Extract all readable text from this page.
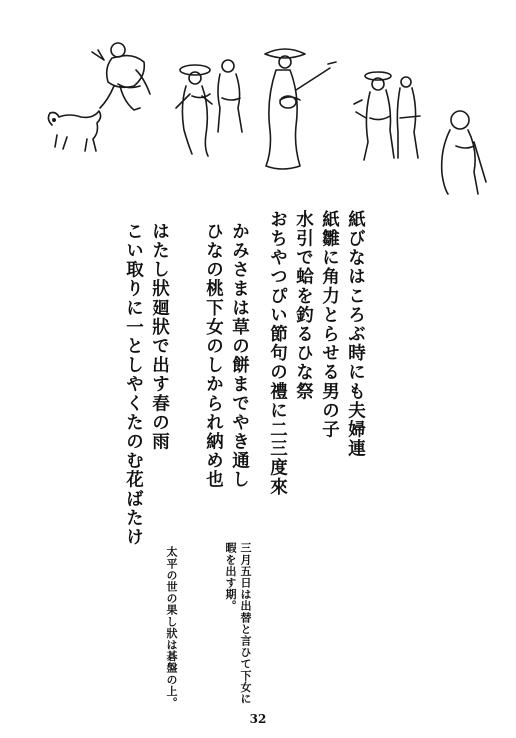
紙びなはころぶ時にも夫婦連
紙雛に角力とらせる男の子
水引で蛤を釣るひな祭
おちやつぴい節句の禮に二三度來
かみさまは草の餅までやき通し
ひなの桃下女のしかられ納め也
はたし狀廻狀で出す春の雨
こい取りに一としやくたのむ花ばたけ
三月五日は出替と言ひて下女に
暇を出す期。
太平の世の果し狀は碁盤の上。
32
